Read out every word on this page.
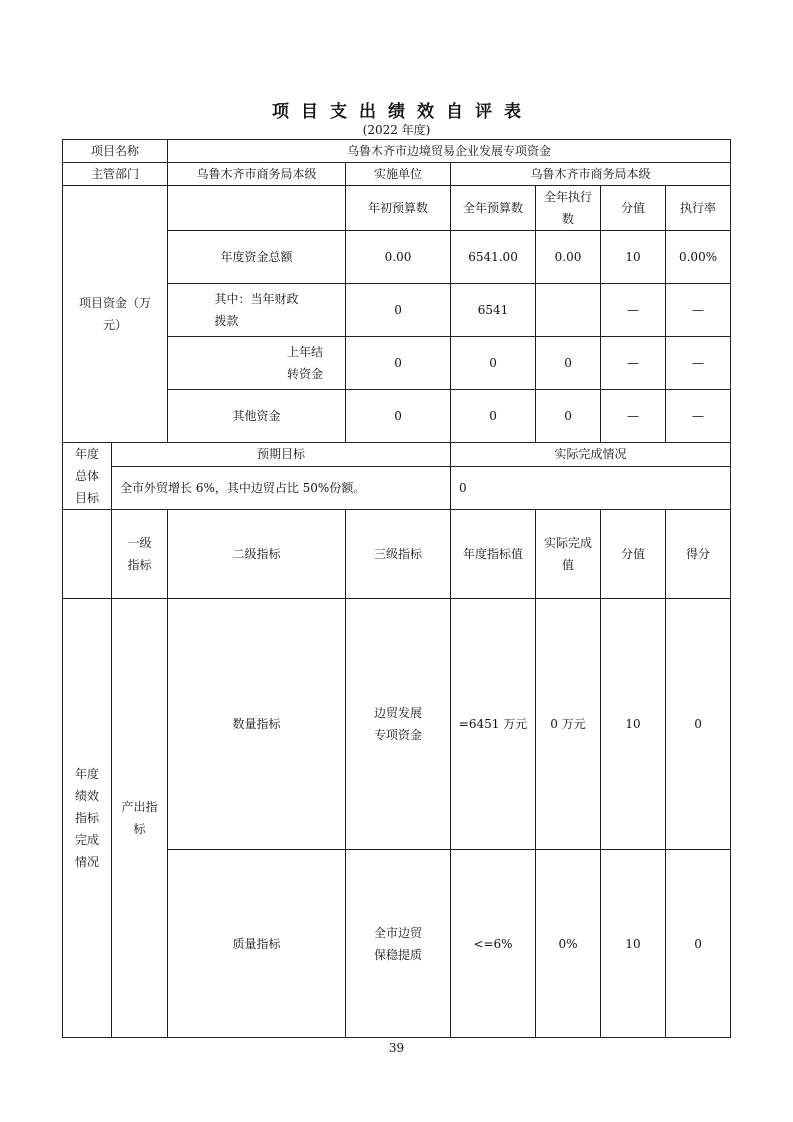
项 目 支 出 绩 效 自 评 表
(2022 年度)
项目名称		乌鲁木齐市边境贸易企业发展专项资金						
主管部门		乌鲁木齐市商务局本级	实施单位	乌鲁木齐市商务局本级				

项目资金（万元）			年初预算数	全年预算数	全年执行数	分值	执行率	
		年度资金总额	0.00	6541.00	0.00	10	0.00%	

		其中：当年财政拨款	0	6541		—	—	

		上年结转资金	0	0	0	—	—	
		其他资金	0	0	0	—	—	

年度总体目标	预期目标			实际完成情况				
	全市外贸增长 6%，其中边贸占比 50%份额。			0				

	一级指标	二级指标	三级指标	年度指标值	实际完成值	分值	得分	

年度绩效指标完成情况	产出指标	数量指标	边贸发展专项资金	=6451 万元	0 万元	10	0	

		质量指标	全市边贸保稳提质	<=6%	0%	10	0	
39
